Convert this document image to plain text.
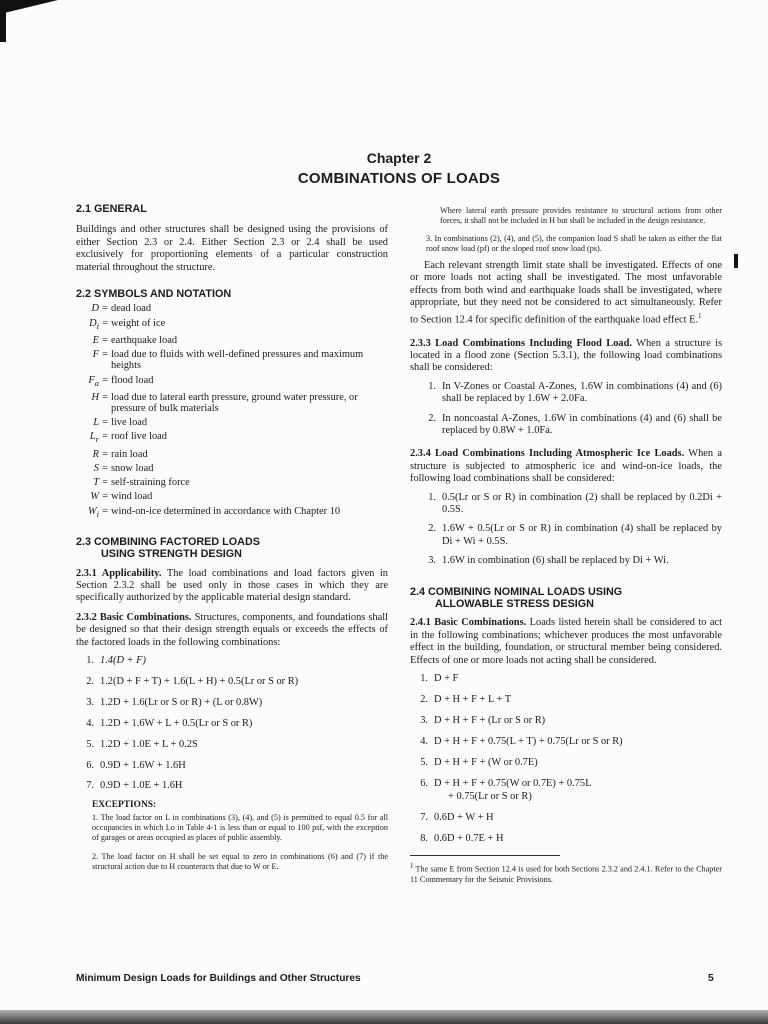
Chapter 2
COMBINATIONS OF LOADS
2.1 GENERAL

Buildings and other structures shall be designed using the provisions of either Section 2.3 or 2.4. Either Section 2.3 or 2.4 shall be used exclusively for proportioning elements of a particular construction material throughout the structure.

2.2 SYMBOLS AND NOTATION
D = dead load
$D_i$ = weight of ice
E = earthquake load
F = load due to fluids with well-defined pressures and maximum heights
$F_a$ = flood load
H = load due to lateral earth pressure, ground water pressure, or pressure of bulk materials
L = live load
$L_r$ = roof live load
R = rain load
S = snow load
T = self-straining force
W = wind load
$W_i$ = wind-on-ice determined in accordance with Chapter 10
2.3 COMBINING FACTORED LOADS
USING STRENGTH DESIGN

2.3.1 Applicability. The load combinations and load factors given in Section 2.3.2 shall be used only in those cases in which they are specifically authorized by the applicable material design standard.

2.3.2 Basic Combinations. Structures, components, and foundations shall be designed so that their design strength equals or exceeds the effects of the factored loads in the following combinations:

1. 1.4(D + F)
2. 1.2(D + F + T) + 1.6(L + H) + 0.5(Lr or S or R)
3. 1.2D + 1.6(Lr or S or R) + (L or 0.8W)
4. 1.2D + 1.6W + L + 0.5(Lr or S or R)
5. 1.2D + 1.0E + L + 0.2S
6. 0.9D + 1.6W + 1.6H
7. 0.9D + 1.0E + 1.6H
EXCEPTIONS:

1. The load factor on L in combinations (3), (4), and (5) is permitted to equal 0.5 for all occupancies in which Lo in Table 4-1 is less than or equal to 100 psf, with the exception of garages or areas occupied as places of public assembly.

2. The load factor on H shall be set equal to zero in combinations (6) and (7) if the structural action due to H counteracts that due to W or E.

Where lateral earth pressure provides resistance to structural actions from other forces, it shall not be included in H but shall be included in the design resistance.

3. In combinations (2), (4), and (5), the companion load S shall be taken as either the flat roof snow load (pf) or the sloped roof snow load (ps).

Each relevant strength limit state shall be investigated. Effects of one or more loads not acting shall be investigated. The most unfavorable effects from both wind and earthquake loads shall be investigated, where appropriate, but they need not be considered to act simultaneously. Refer to Section 12.4 for specific definition of the earthquake load effect E.$^1$

2.3.3 Load Combinations Including Flood Load. When a structure is located in a flood zone (Section 5.3.1), the following load combinations shall be considered:

1. In V-Zones or Coastal A-Zones, 1.6W in combinations (4) and (6) shall be replaced by 1.6W + 2.0Fa.
2. In noncoastal A-Zones, 1.6W in combinations (4) and (6) shall be replaced by 0.8W + 1.0Fa.

2.3.4 Load Combinations Including Atmospheric Ice Loads. When a structure is subjected to atmospheric ice and wind-on-ice loads, the following load combinations shall be considered:

1. 0.5(Lr or S or R) in combination (2) shall be replaced by 0.2Di + 0.5S.
2. 1.6W + 0.5(Lr or S or R) in combination (4) shall be replaced by Di + Wi + 0.5S.
3. 1.6W in combination (6) shall be replaced by Di + Wi.
2.4 COMBINING NOMINAL LOADS USING
ALLOWABLE STRESS DESIGN

2.4.1 Basic Combinations. Loads listed herein shall be considered to act in the following combinations; whichever produces the most unfavorable effect in the building, foundation, or structural member being considered. Effects of one or more loads not acting shall be considered.

1. D + F
2. D + H + F + L + T
3. D + H + F + (Lr or S or R)
4. D + H + F + 0.75(L + T) + 0.75(Lr or S or R)
5. D + H + F + (W or 0.7E)
6. D + H + F + 0.75(W or 0.7E) + 0.75L
+ 0.75(Lr or S or R)
7. 0.6D + W + H
8. 0.6D + 0.7E + H

$^1$ The same E from Section 12.4 is used for both Sections 2.3.2 and 2.4.1. Refer to the Chapter 11 Commentary for the Seismic Provisions.

Minimum Design Loads for Buildings and Other Structures	5
